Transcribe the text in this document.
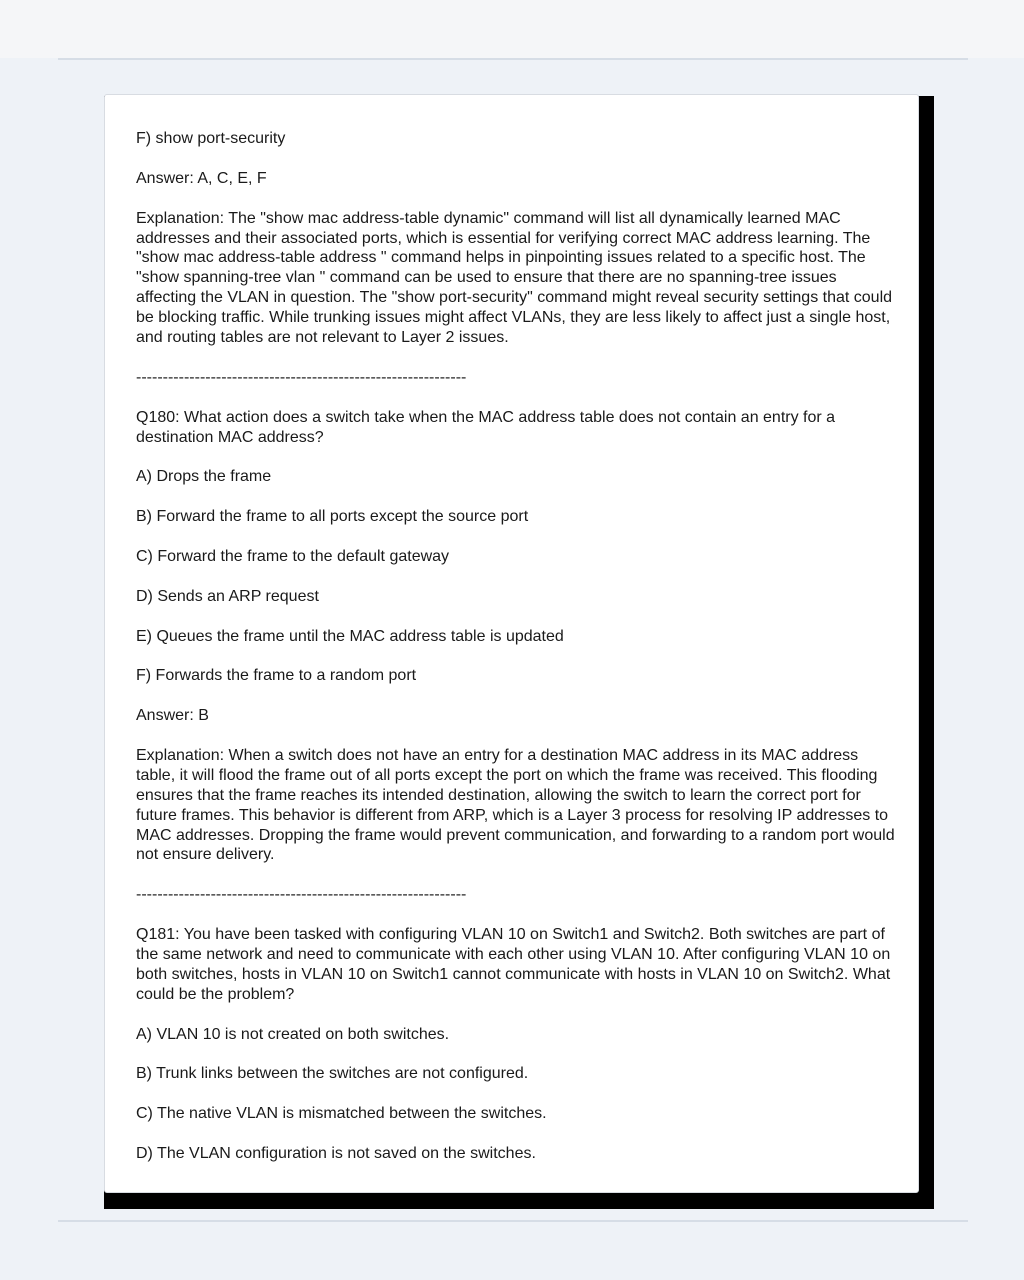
F) show port-security

Answer: A, C, E, F

Explanation: The "show mac address-table dynamic" command will list all dynamically learned MAC addresses and their associated ports, which is essential for verifying correct MAC address learning. The "show mac address-table address " command helps in pinpointing issues related to a specific host. The "show spanning-tree vlan " command can be used to ensure that there are no spanning-tree issues affecting the VLAN in question. The "show port-security" command might reveal security settings that could be blocking traffic. While trunking issues might affect VLANs, they are less likely to affect just a single host, and routing tables are not relevant to Layer 2 issues.

--------------------------------------------------------------

Q180: What action does a switch take when the MAC address table does not contain an entry for a destination MAC address?

A) Drops the frame

B) Forward the frame to all ports except the source port

C) Forward the frame to the default gateway

D) Sends an ARP request

E) Queues the frame until the MAC address table is updated

F) Forwards the frame to a random port

Answer: B

Explanation: When a switch does not have an entry for a destination MAC address in its MAC address table, it will flood the frame out of all ports except the port on which the frame was received. This flooding ensures that the frame reaches its intended destination, allowing the switch to learn the correct port for future frames. This behavior is different from ARP, which is a Layer 3 process for resolving IP addresses to MAC addresses. Dropping the frame would prevent communication, and forwarding to a random port would not ensure delivery.

--------------------------------------------------------------

Q181: You have been tasked with configuring VLAN 10 on Switch1 and Switch2. Both switches are part of the same network and need to communicate with each other using VLAN 10. After configuring VLAN 10 on both switches, hosts in VLAN 10 on Switch1 cannot communicate with hosts in VLAN 10 on Switch2. What could be the problem?

A) VLAN 10 is not created on both switches.

B) Trunk links between the switches are not configured.

C) The native VLAN is mismatched between the switches.

D) The VLAN configuration is not saved on the switches.
